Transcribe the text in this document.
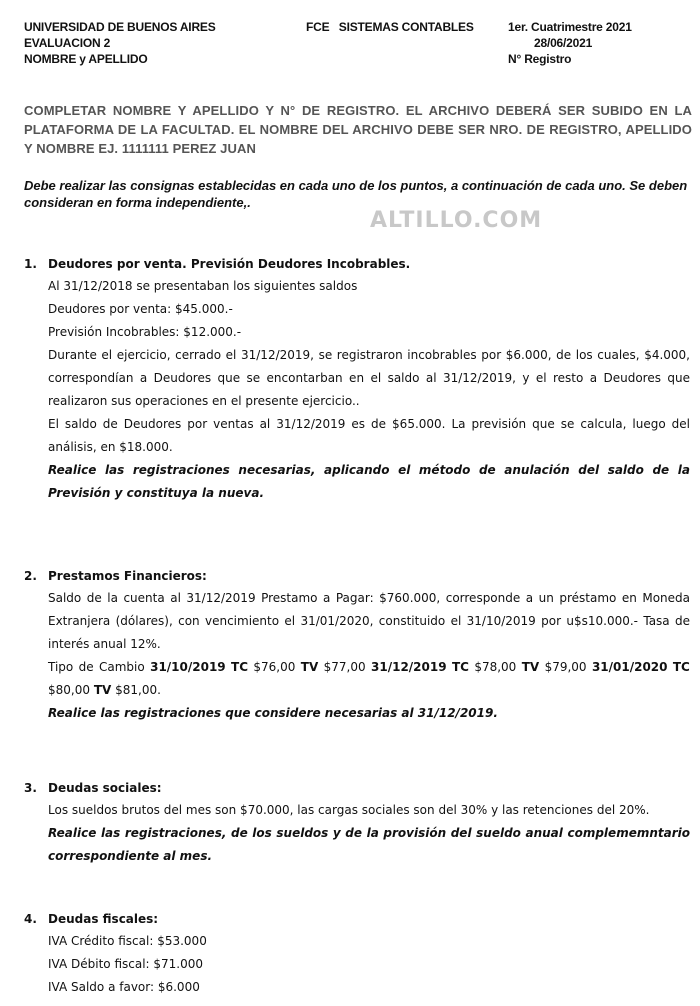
UNIVERSIDAD DE BUENOS AIRES
EVALUACION 2
NOMBRE y APELLIDO
FCE   SISTEMAS CONTABLES	1er. Cuatrimestre 2021
28/06/2021
N° Registro
COMPLETAR NOMBRE Y APELLIDO Y N° DE REGISTRO. EL ARCHIVO DEBERÁ SER SUBIDO EN LA PLATAFORMA DE LA FACULTAD. EL NOMBRE DEL ARCHIVO DEBE SER NRO. DE REGISTRO, APELLIDO Y NOMBRE EJ. 1111111 PEREZ JUAN
Debe realizar las consignas establecidas en cada uno de los puntos, a continuación de cada uno. Se deben consideran en forma independiente,.
ALTILLO.COM
1. Deudores por venta. Previsión Deudores Incobrables.
Al 31/12/2018 se presentaban los siguientes saldos
Deudores por venta: $45.000.-
Previsión Incobrables: $12.000.-
Durante el ejercicio, cerrado el 31/12/2019, se registraron incobrables por $6.000, de los cuales, $4.000, correspondían a Deudores que se encontarban en el saldo al 31/12/2019, y el resto a Deudores que realizaron sus operaciones en el presente ejercicio..
El saldo de Deudores por ventas al 31/12/2019 es de $65.000. La previsión que se calcula, luego del análisis, en $18.000.
Realice las registraciones necesarias, aplicando el método de anulación del saldo de la Previsión y constituya la nueva.
2. Prestamos Financieros:
Saldo de la cuenta al 31/12/2019 Prestamo a Pagar: $760.000, corresponde a un préstamo en Moneda Extranjera (dólares), con vencimiento el 31/01/2020, constituido el 31/10/2019 por u$s10.000.- Tasa de interés anual 12%.
Tipo de Cambio 31/10/2019 TC $76,00 TV $77,00 31/12/2019 TC $78,00 TV $79,00 31/01/2020 TC $80,00 TV $81,00.
Realice las registraciones que considere necesarias al 31/12/2019.
3. Deudas sociales:
Los sueldos brutos del mes son $70.000, las cargas sociales son del 30% y las retenciones del 20%.
Realice las registraciones, de los sueldos y de la provisión del sueldo anual complememntario correspondiente al mes.
4. Deudas fiscales:
IVA Crédito fiscal: $53.000
IVA Débito fiscal: $71.000
IVA Saldo a favor: $6.000
